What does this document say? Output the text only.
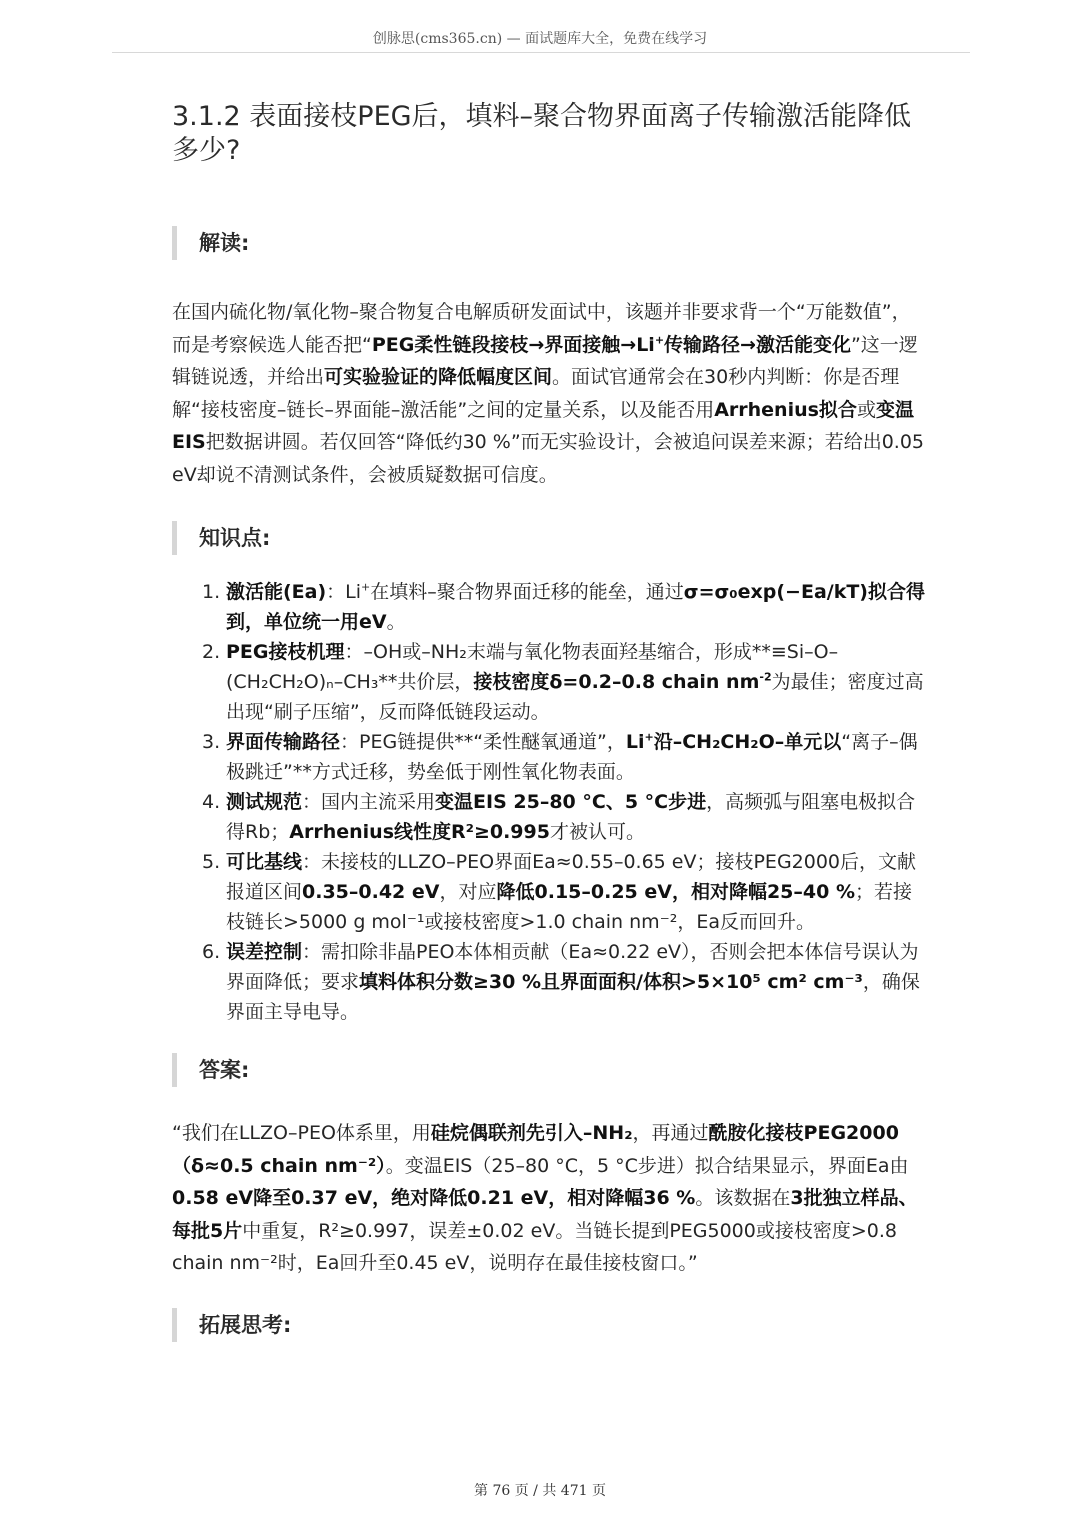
创脉思(cms365.cn) — 面试题库大全，免费在线学习
3.1.2 表面接枝PEG后，填料–聚合物界面离子传输激活能降低
多少?
解读:

在国内硫化物/氧化物–聚合物复合电解质研发面试中，该题并非要求背一个“万能数值”，而是考察候选人能否把“PEG柔性链段接枝→界面接触→Li+传输路径→激活能变化”这一逻辑链说透，并给出可实验验证的降低幅度区间。面试官通常会在30秒内判断：你是否理解“接枝密度–链长–界面能–激活能”之间的定量关系，以及能否用Arrhenius拟合或变温EIS把数据讲圆。若仅回答“降低约30 %”而无实验设计，会被追问误差来源；若给出0.05 eV却说不清测试条件，会被质疑数据可信度。

知识点:
1. 激活能(Ea)：Li+在填料–聚合物界面迁移的能垒，通过σ=σ₀exp(−Ea/kT)拟合得到，单位统一用eV。
2. PEG接枝机理：–OH或–NH₂末端与氧化物表面羟基缩合，形成**≡Si–O–(CH₂CH₂O)ₙ–CH₃**共价层，接枝密度δ=0.2–0.8 chain $nm^{-2}$为最佳；密度过高出现“刷子压缩”，反而降低链段运动。
3. 界面传输路径：PEG链提供**“柔性醚氧通道”，Li+沿–CH₂CH₂O–单元以“离子–偶极跳迁”**方式迁移，势垒低于刚性氧化物表面。
4. 测试规范：国内主流采用变温EIS 25–80 °C、5 °C步进，高频弧与阻塞电极拟合得Rb；Arrhenius线性度R²≥0.995才被认可。
5. 可比基线：未接枝的LLZO–PEO界面Ea≈0.55–0.65 eV；接枝PEG2000后，文献报道区间0.35–0.42 eV，对应降低0.15–0.25 eV，相对降幅25–40 %；若接枝链长>5000 g mol⁻¹或接枝密度>1.0 chain nm⁻²，Ea反而回升。
6. 误差控制：需扣除非晶PEO本体相贡献（Ea≈0.22 eV），否则会把本体信号误认为界面降低；要求填料体积分数≥30 %且界面面积/体积>5×10⁵ cm² cm⁻³，确保界面主导电导。
答案:

“我们在LLZO–PEO体系里，用硅烷偶联剂先引入–NH₂，再通过酰胺化接枝PEG2000（δ≈0.5 chain nm⁻²）。变温EIS（25–80 °C，5 °C步进）拟合结果显示，界面Ea由0.58 eV降至0.37 eV，绝对降低0.21 eV，相对降幅36 %。该数据在3批独立样品、每批5片中重复，R²≥0.997，误差±0.02 eV。当链长提到PEG5000或接枝密度>0.8 chain nm⁻²时，Ea回升至0.45 eV，说明存在最佳接枝窗口。”

拓展思考:
第 76 页 / 共 471 页
